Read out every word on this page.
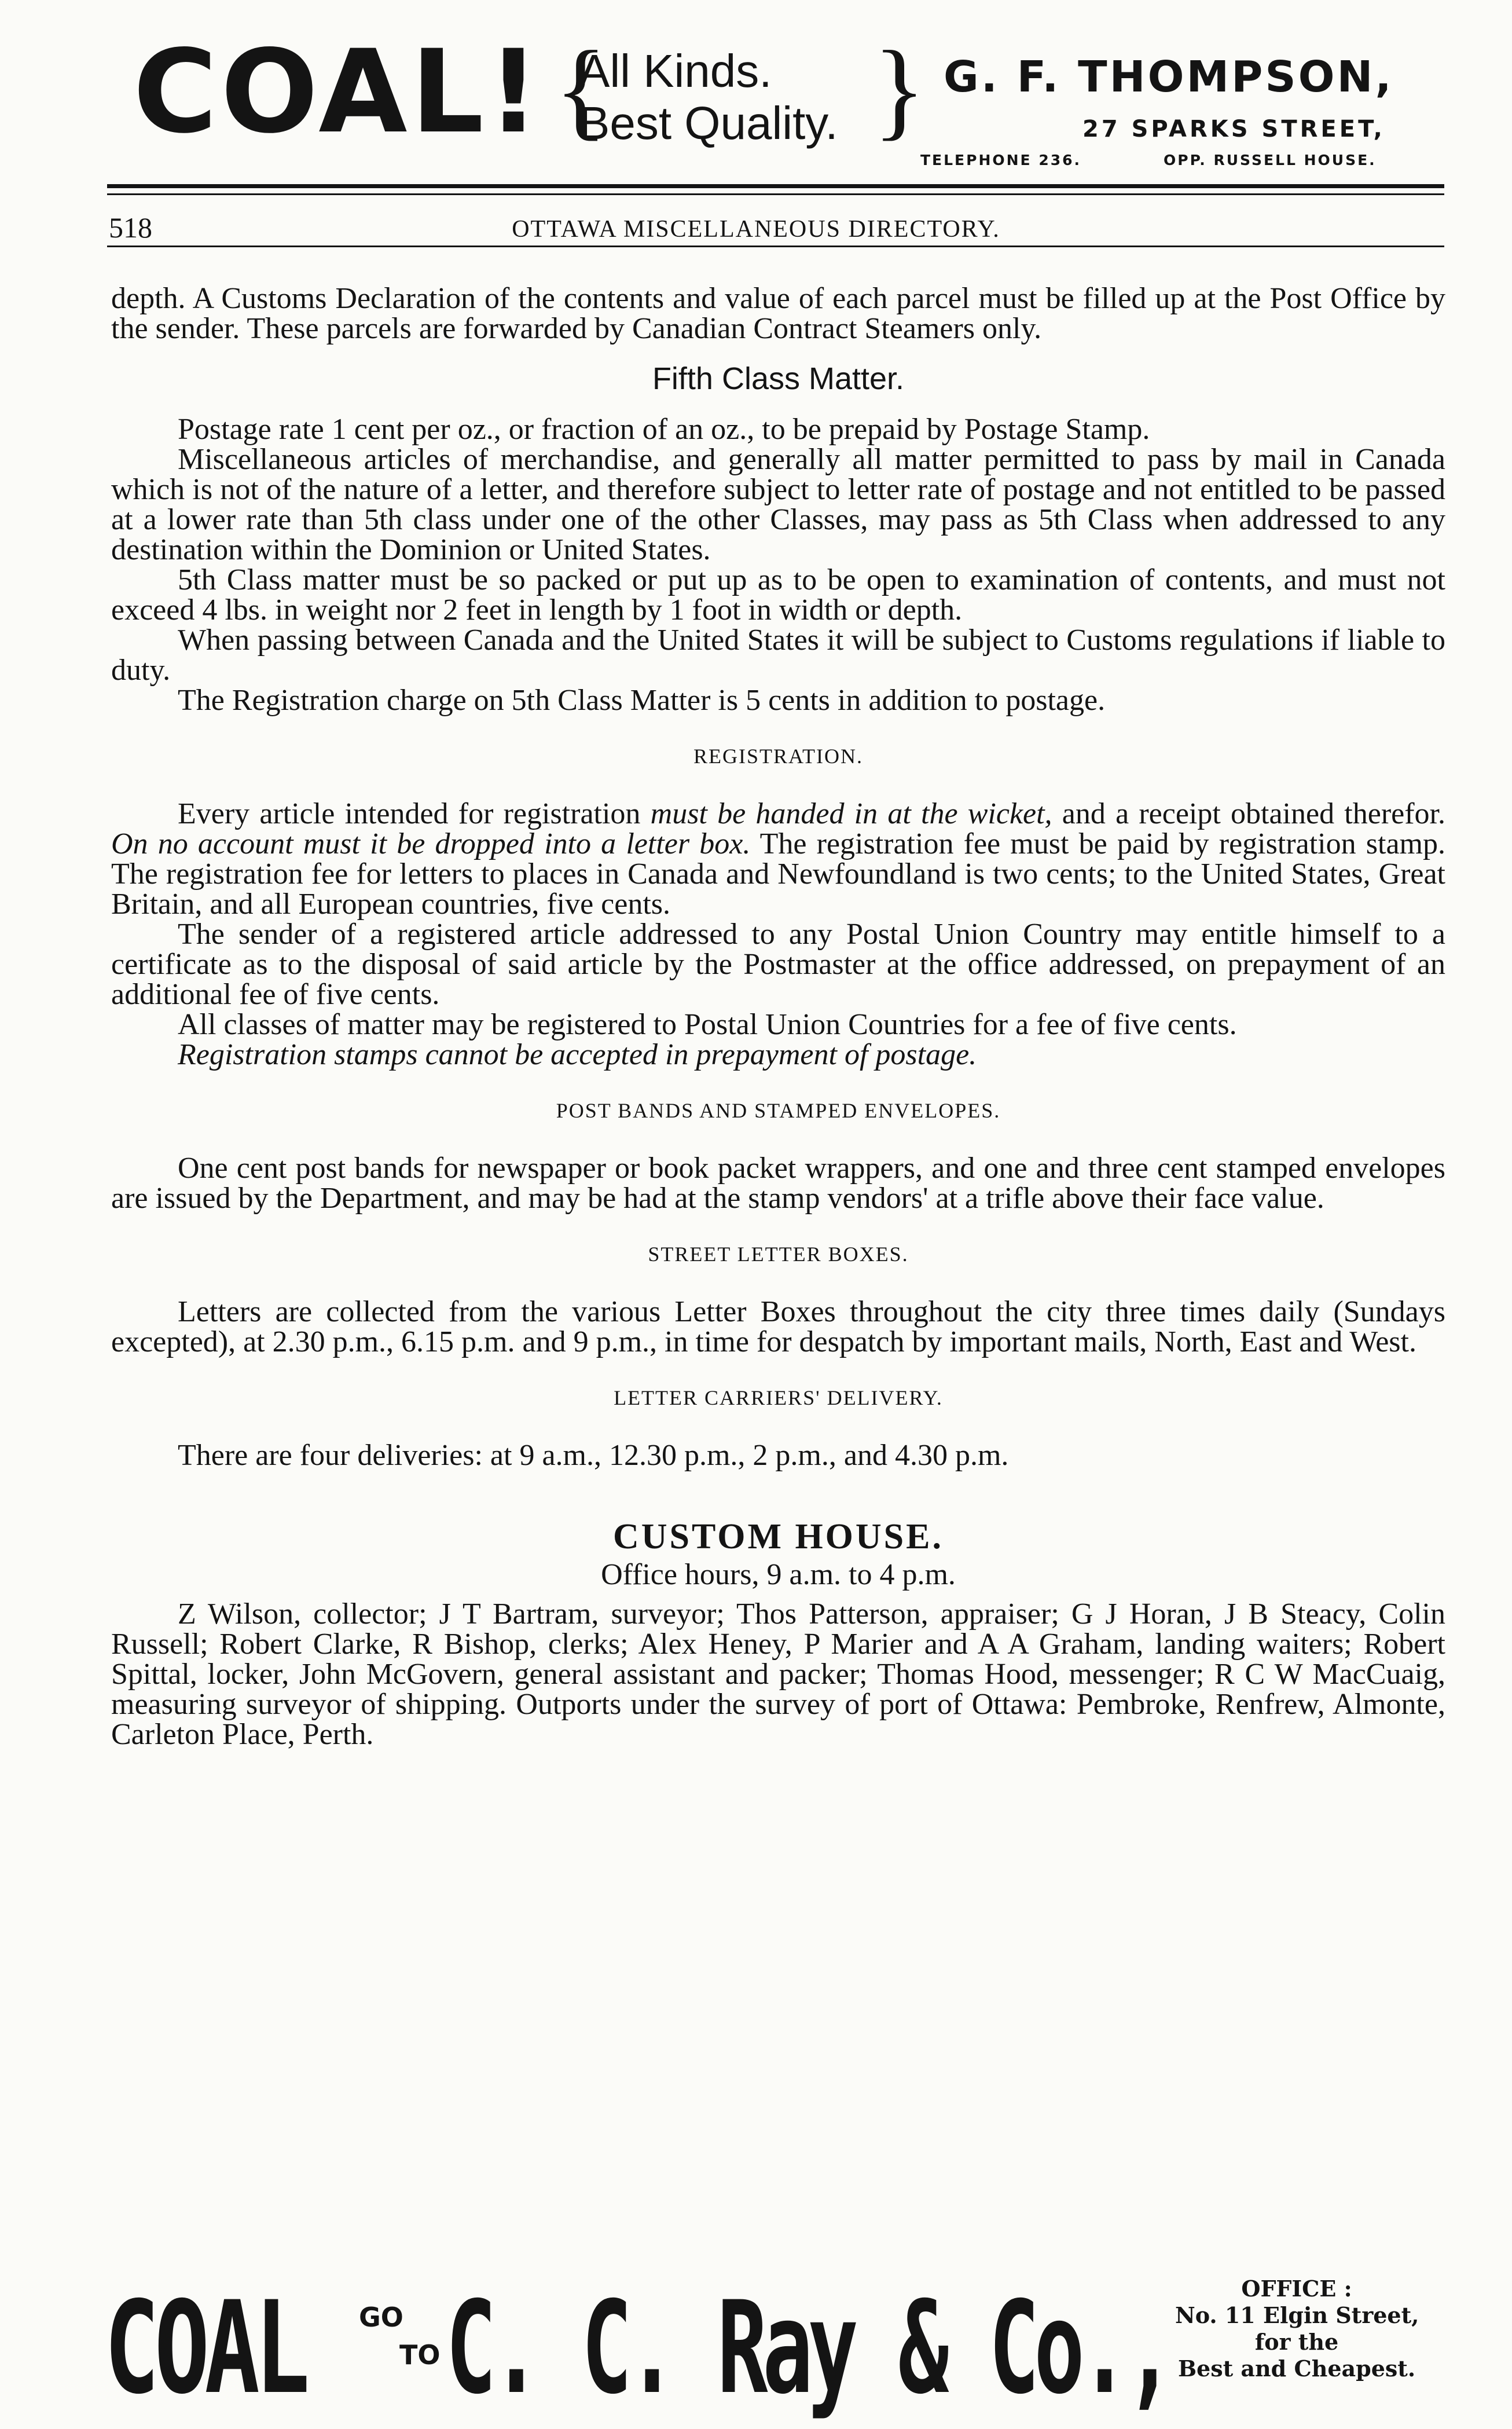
COAL! {
All Kinds.
Best Quality. } G. F. THOMPSON,
27 SPARKS STREET,
TELEPHONE 236.	OPP. RUSSELL HOUSE.
OTTAWA MISCELLANEOUS DIRECTORY.
518

depth. A Customs Declaration of the contents and value of each parcel must be filled up at the Post Office by the sender. These parcels are forwarded by Canadian Contract Steamers only.

Fifth Class Matter.

Postage rate 1 cent per oz., or fraction of an oz., to be prepaid by Postage Stamp.

Miscellaneous articles of merchandise, and generally all matter permitted to pass by mail in Canada which is not of the nature of a letter, and therefore subject to letter rate of postage and not entitled to be passed at a lower rate than 5th class under one of the other Classes, may pass as 5th Class when addressed to any destination within the Dominion or United States.

5th Class matter must be so packed or put up as to be open to examination of contents, and must not exceed 4 lbs. in weight nor 2 feet in length by 1 foot in width or depth.

When passing between Canada and the United States it will be subject to Customs regulations if liable to duty.

The Registration charge on 5th Class Matter is 5 cents in addition to postage.

REGISTRATION.

Every article intended for registration must be handed in at the wicket, and a receipt obtained therefor. On no account must it be dropped into a letter box. The registration fee must be paid by registration stamp. The registration fee for letters to places in Canada and Newfoundland is two cents; to the United States, Great Britain, and all European countries, five cents.

The sender of a registered article addressed to any Postal Union Country may entitle himself to a certificate as to the disposal of said article by the Postmaster at the office addressed, on prepayment of an additional fee of five cents.

All classes of matter may be registered to Postal Union Countries for a fee of five cents.

Registration stamps cannot be accepted in prepayment of postage.

POST BANDS AND STAMPED ENVELOPES.

One cent post bands for newspaper or book packet wrappers, and one and three cent stamped envelopes are issued by the Department, and may be had at the stamp vendors' at a trifle above their face value.

STREET LETTER BOXES.

Letters are collected from the various Letter Boxes throughout the city three times daily (Sundays excepted), at 2.30 p.m., 6.15 p.m. and 9 p.m., in time for despatch by important mails, North, East and West.

LETTER CARRIERS' DELIVERY.

There are four deliveries: at 9 a.m., 12.30 p.m., 2 p.m., and 4.30 p.m.

CUSTOM HOUSE.
Office hours, 9 a.m. to 4 p.m.

Z Wilson, collector; J T Bartram, surveyor; Thos Patterson, appraiser; G J Horan, J B Steacy, Colin Russell; Robert Clarke, R Bishop, clerks; Alex Heney, P Marier and A A Graham, landing waiters; Robert Spittal, locker, John McGovern, general assistant and packer; Thomas Hood, messenger; R C W MacCuaig, measuring surveyor of shipping. Outports under the survey of port of Ottawa: Pembroke, Renfrew, Almonte, Carleton Place, Perth.

COAL GO
TO C. C. Ray & Co.,	OFFICE :
No. 11 Elgin Street,
for the
Best and Cheapest.
